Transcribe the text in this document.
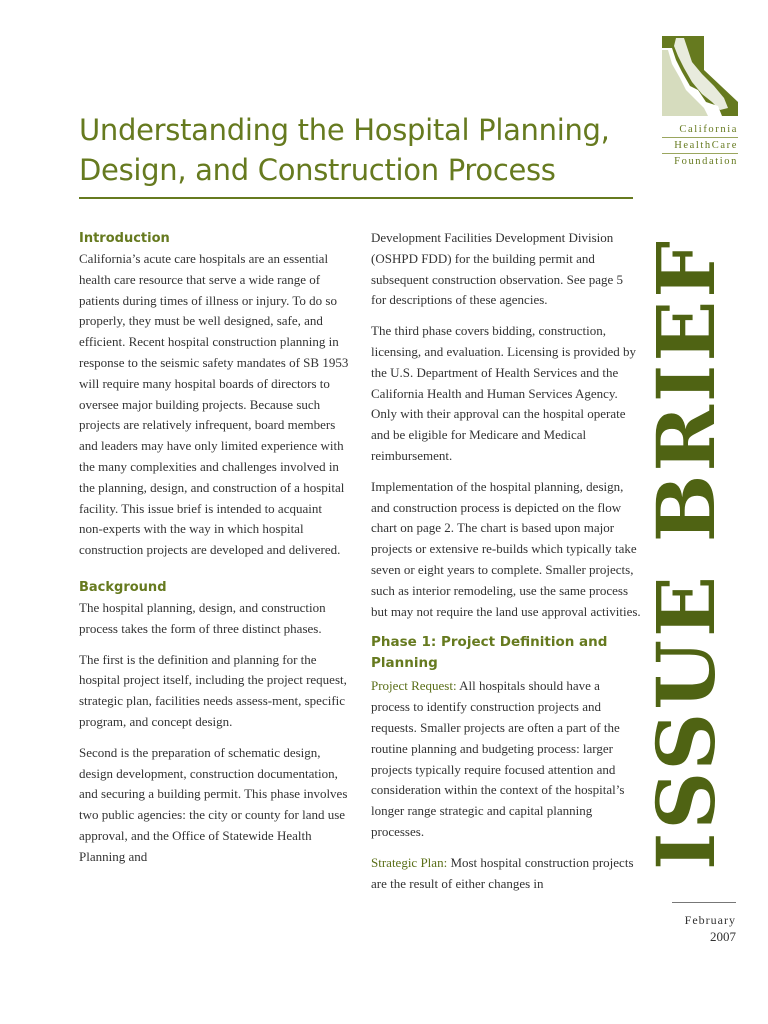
Understanding the Hospital Planning,
Design, and Construction Process
California
HealthCare
Foundation
ISSUE BRIEF
February
2007
Introduction

California’s acute care hospitals are an essential health care resource that serve a wide range of patients during times of illness or injury. To do so properly, they must be well designed, safe, and efficient. Recent hospital construction planning in response to the seismic safety mandates of SB 1953 will require many hospital boards of directors to oversee major building projects. Because such projects are relatively infrequent, board members and leaders may have only limited experience with the many complexities and challenges involved in the planning, design, and construction of a hospital facility. This issue brief is intended to acquaint non-experts with the way in which hospital construction projects are developed and delivered.

Background

The hospital planning, design, and construction process takes the form of three distinct phases.

The first is the definition and planning for the hospital project itself, including the project request, strategic plan, facilities needs assess-ment, specific program, and concept design.

Second is the preparation of schematic design, design development, construction documentation, and securing a building permit. This phase involves two public agencies: the city or county for land use approval, and the Office of Statewide Health Planning and

Development Facilities Development Division (OSHPD FDD) for the building permit and subsequent construction observation. See page 5 for descriptions of these agencies.

The third phase covers bidding, construction, licensing, and evaluation. Licensing is provided by the U.S. Department of Health Services and the California Health and Human Services Agency. Only with their approval can the hospital operate and be eligible for Medicare and Medical reimbursement.

Implementation of the hospital planning, design, and construction process is depicted on the flow chart on page 2. The chart is based upon major projects or extensive re-builds which typically take seven or eight years to complete. Smaller projects, such as interior remodeling, use the same process but may not require the land use approval activities.

Phase 1: Project Definition and Planning

Project Request: All hospitals should have a process to identify construction projects and requests. Smaller projects are often a part of the routine planning and budgeting process: larger projects typically require focused attention and consideration within the context of the hospital’s longer range strategic and capital planning processes.

Strategic Plan: Most hospital construction projects are the result of either changes in
